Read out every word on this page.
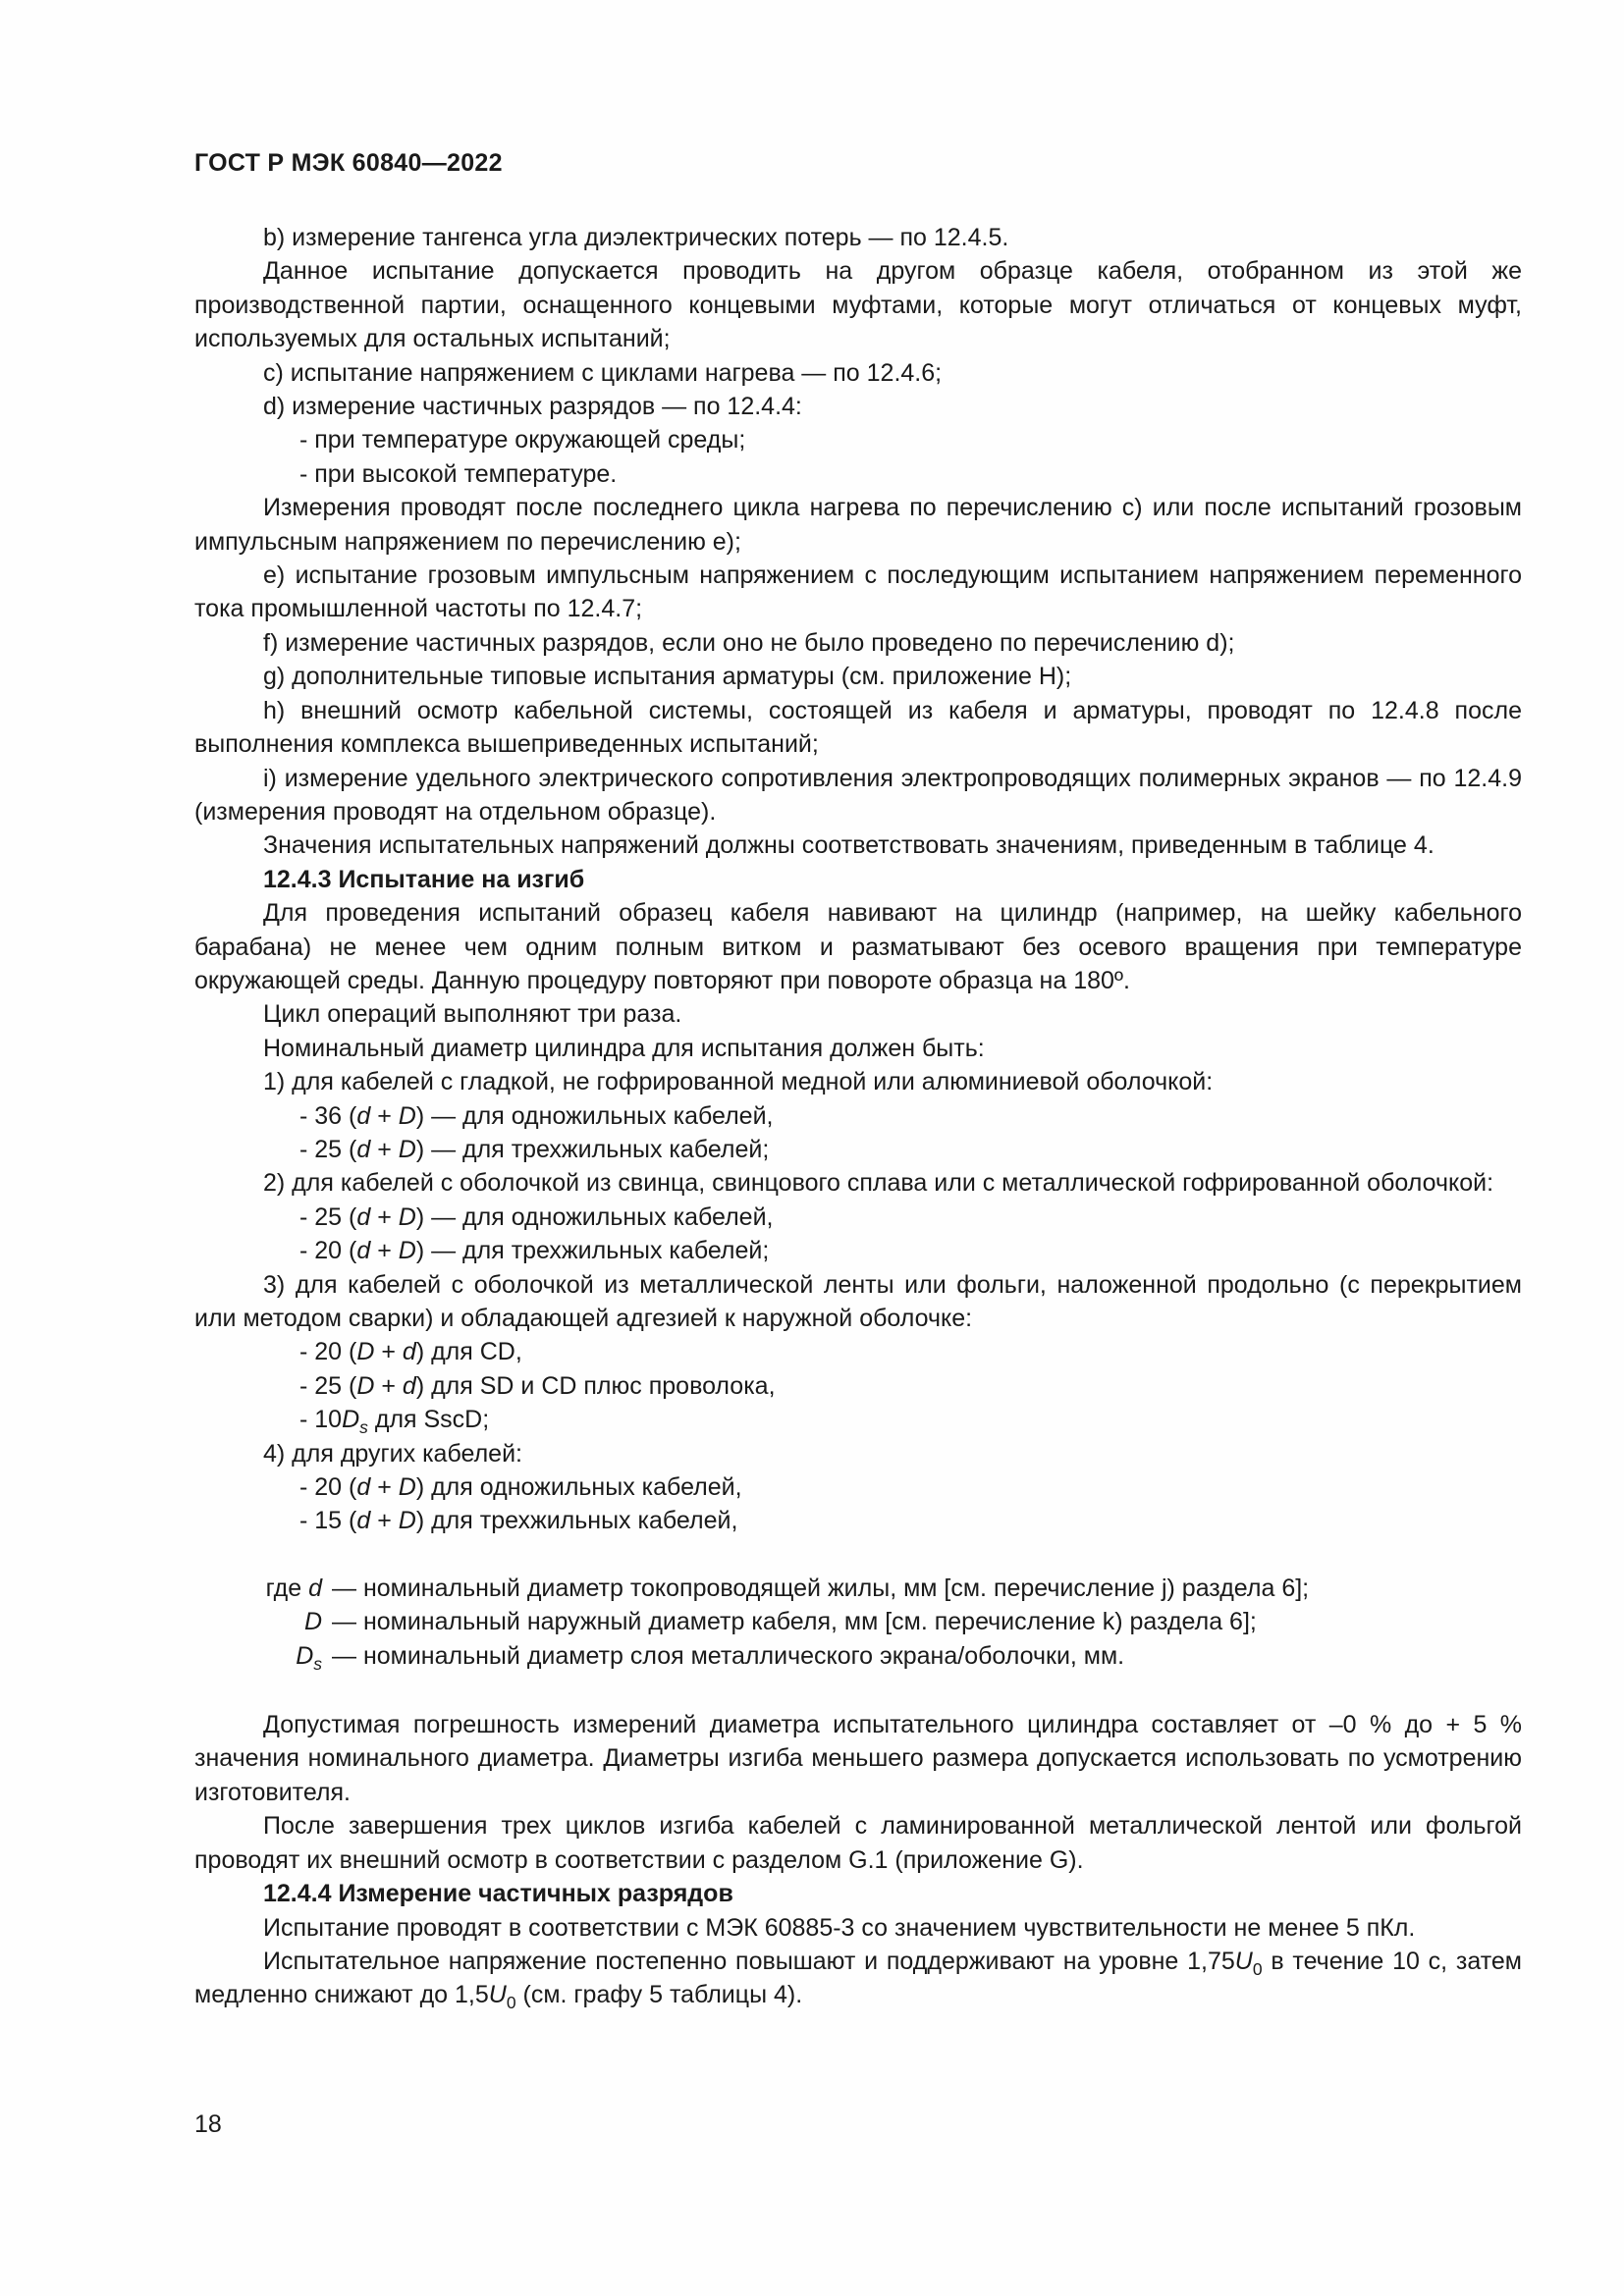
ГОСТ Р МЭК 60840—2022

b) измерение тангенса угла диэлектрических потерь — по 12.4.5.

Данное испытание допускается проводить на другом образце кабеля, отобранном из этой же производственной партии, оснащенного концевыми муфтами, которые могут отличаться от концевых муфт, используемых для остальных испытаний;

c) испытание напряжением с циклами нагрева — по 12.4.6;

d) измерение частичных разрядов — по 12.4.4:

- при температуре окружающей среды;

- при высокой температуре.

Измерения проводят после последнего цикла нагрева по перечислению c) или после испытаний грозовым импульсным напряжением по перечислению e);

e) испытание грозовым импульсным напряжением с последующим испытанием напряжением переменного тока промышленной частоты по 12.4.7;

f) измерение частичных разрядов, если оно не было проведено по перечислению d);

g) дополнительные типовые испытания арматуры (см. приложение H);

h) внешний осмотр кабельной системы, состоящей из кабеля и арматуры, проводят по 12.4.8 после выполнения комплекса вышеприведенных испытаний;

i) измерение удельного электрического сопротивления электропроводящих полимерных экранов — по 12.4.9 (измерения проводят на отдельном образце).

Значения испытательных напряжений должны соответствовать значениям, приведенным в таблице 4.

12.4.3 Испытание на изгиб

Для проведения испытаний образец кабеля навивают на цилиндр (например, на шейку кабельного барабана) не менее чем одним полным витком и разматывают без осевого вращения при температуре окружающей среды. Данную процедуру повторяют при повороте образца на 180º.

Цикл операций выполняют три раза.

Номинальный диаметр цилиндра для испытания должен быть:

1) для кабелей с гладкой, не гофрированной медной или алюминиевой оболочкой:

- 36 (d + D) — для одножильных кабелей,

- 25 (d + D) — для трехжильных кабелей;

2) для кабелей с оболочкой из свинца, свинцового сплава или с металлической гофрированной оболочкой:

- 25 (d + D) — для одножильных кабелей,

- 20 (d + D) — для трехжильных кабелей;

3) для кабелей с оболочкой из металлической ленты или фольги, наложенной продольно (с перекрытием или методом сварки) и обладающей адгезией к наружной оболочке:

- 20 (D + d) для CD,

- 25 (D + d) для SD и CD плюс проволока,

- $10D_s$ для SscD;

4) для других кабелей:

- 20 (d + D) для одножильных кабелей,

- 15 (d + D) для трехжильных кабелей,

где d — номинальный диаметр токопроводящей жилы, мм [см. перечисление j) раздела 6];

D — номинальный наружный диаметр кабеля, мм [см. перечисление k) раздела 6];

$D_s$ — номинальный диаметр слоя металлического экрана/оболочки, мм.

Допустимая погрешность измерений диаметра испытательного цилиндра составляет от –0 % до + 5 % значения номинального диаметра. Диаметры изгиба меньшего размера допускается использовать по усмотрению изготовителя.

После завершения трех циклов изгиба кабелей с ламинированной металлической лентой или фольгой проводят их внешний осмотр в соответствии с разделом G.1 (приложение G).

12.4.4 Измерение частичных разрядов

Испытание проводят в соответствии с МЭК 60885-3 со значением чувствительности не менее 5 пКл.

Испытательное напряжение постепенно повышают и поддерживают на уровне $1,75U_0$ в течение 10 с, затем медленно снижают до $1,5U_0$ (см. графу 5 таблицы 4).

18
